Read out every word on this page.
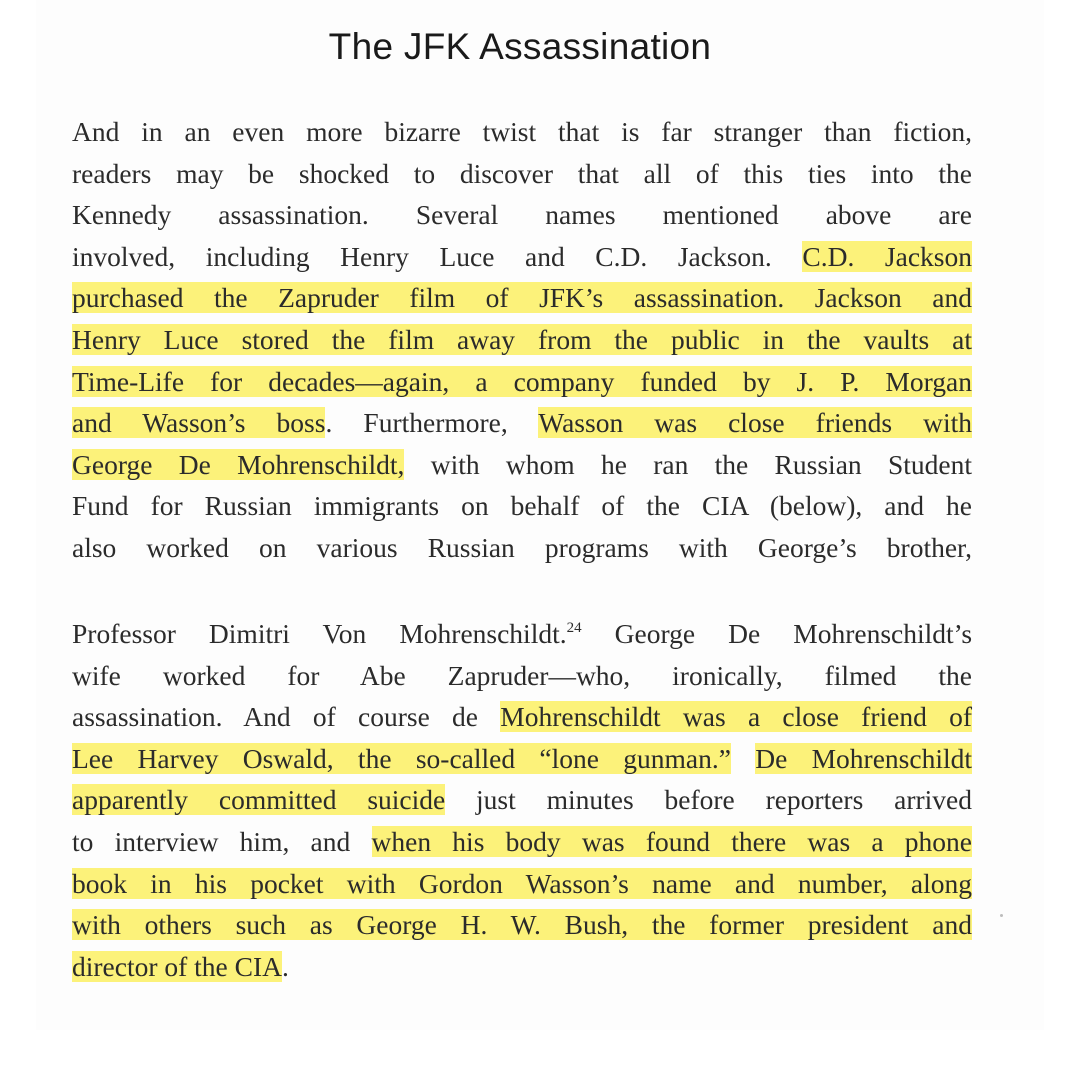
The JFK Assassination
And in an even more bizarre twist that is far stranger than fiction,
readers may be shocked to discover that all of this ties into the
Kennedy assassination. Several names mentioned above are
involved, including Henry Luce and C.D. Jackson. C.D. Jackson
purchased the Zapruder film of JFK’s assassination. Jackson and
Henry Luce stored the film away from the public in the vaults at
Time-Life for decades—again, a company funded by J. P. Morgan
and Wasson’s boss. Furthermore, Wasson was close friends with
George De Mohrenschildt, with whom he ran the Russian Student
Fund for Russian immigrants on behalf of the CIA (below), and he
also worked on various Russian programs with George’s brother,
Professor Dimitri Von Mohrenschildt.$^{24}$ George De Mohrenschildt’s
wife worked for Abe Zapruder—who, ironically, filmed the
assassination. And of course de Mohrenschildt was a close friend of
Lee Harvey Oswald, the so-called “lone gunman.” De Mohrenschildt
apparently committed suicide just minutes before reporters arrived
to interview him, and when his body was found there was a phone
book in his pocket with Gordon Wasson’s name and number, along
with others such as George H. W. Bush, the former president and
director of the CIA.
